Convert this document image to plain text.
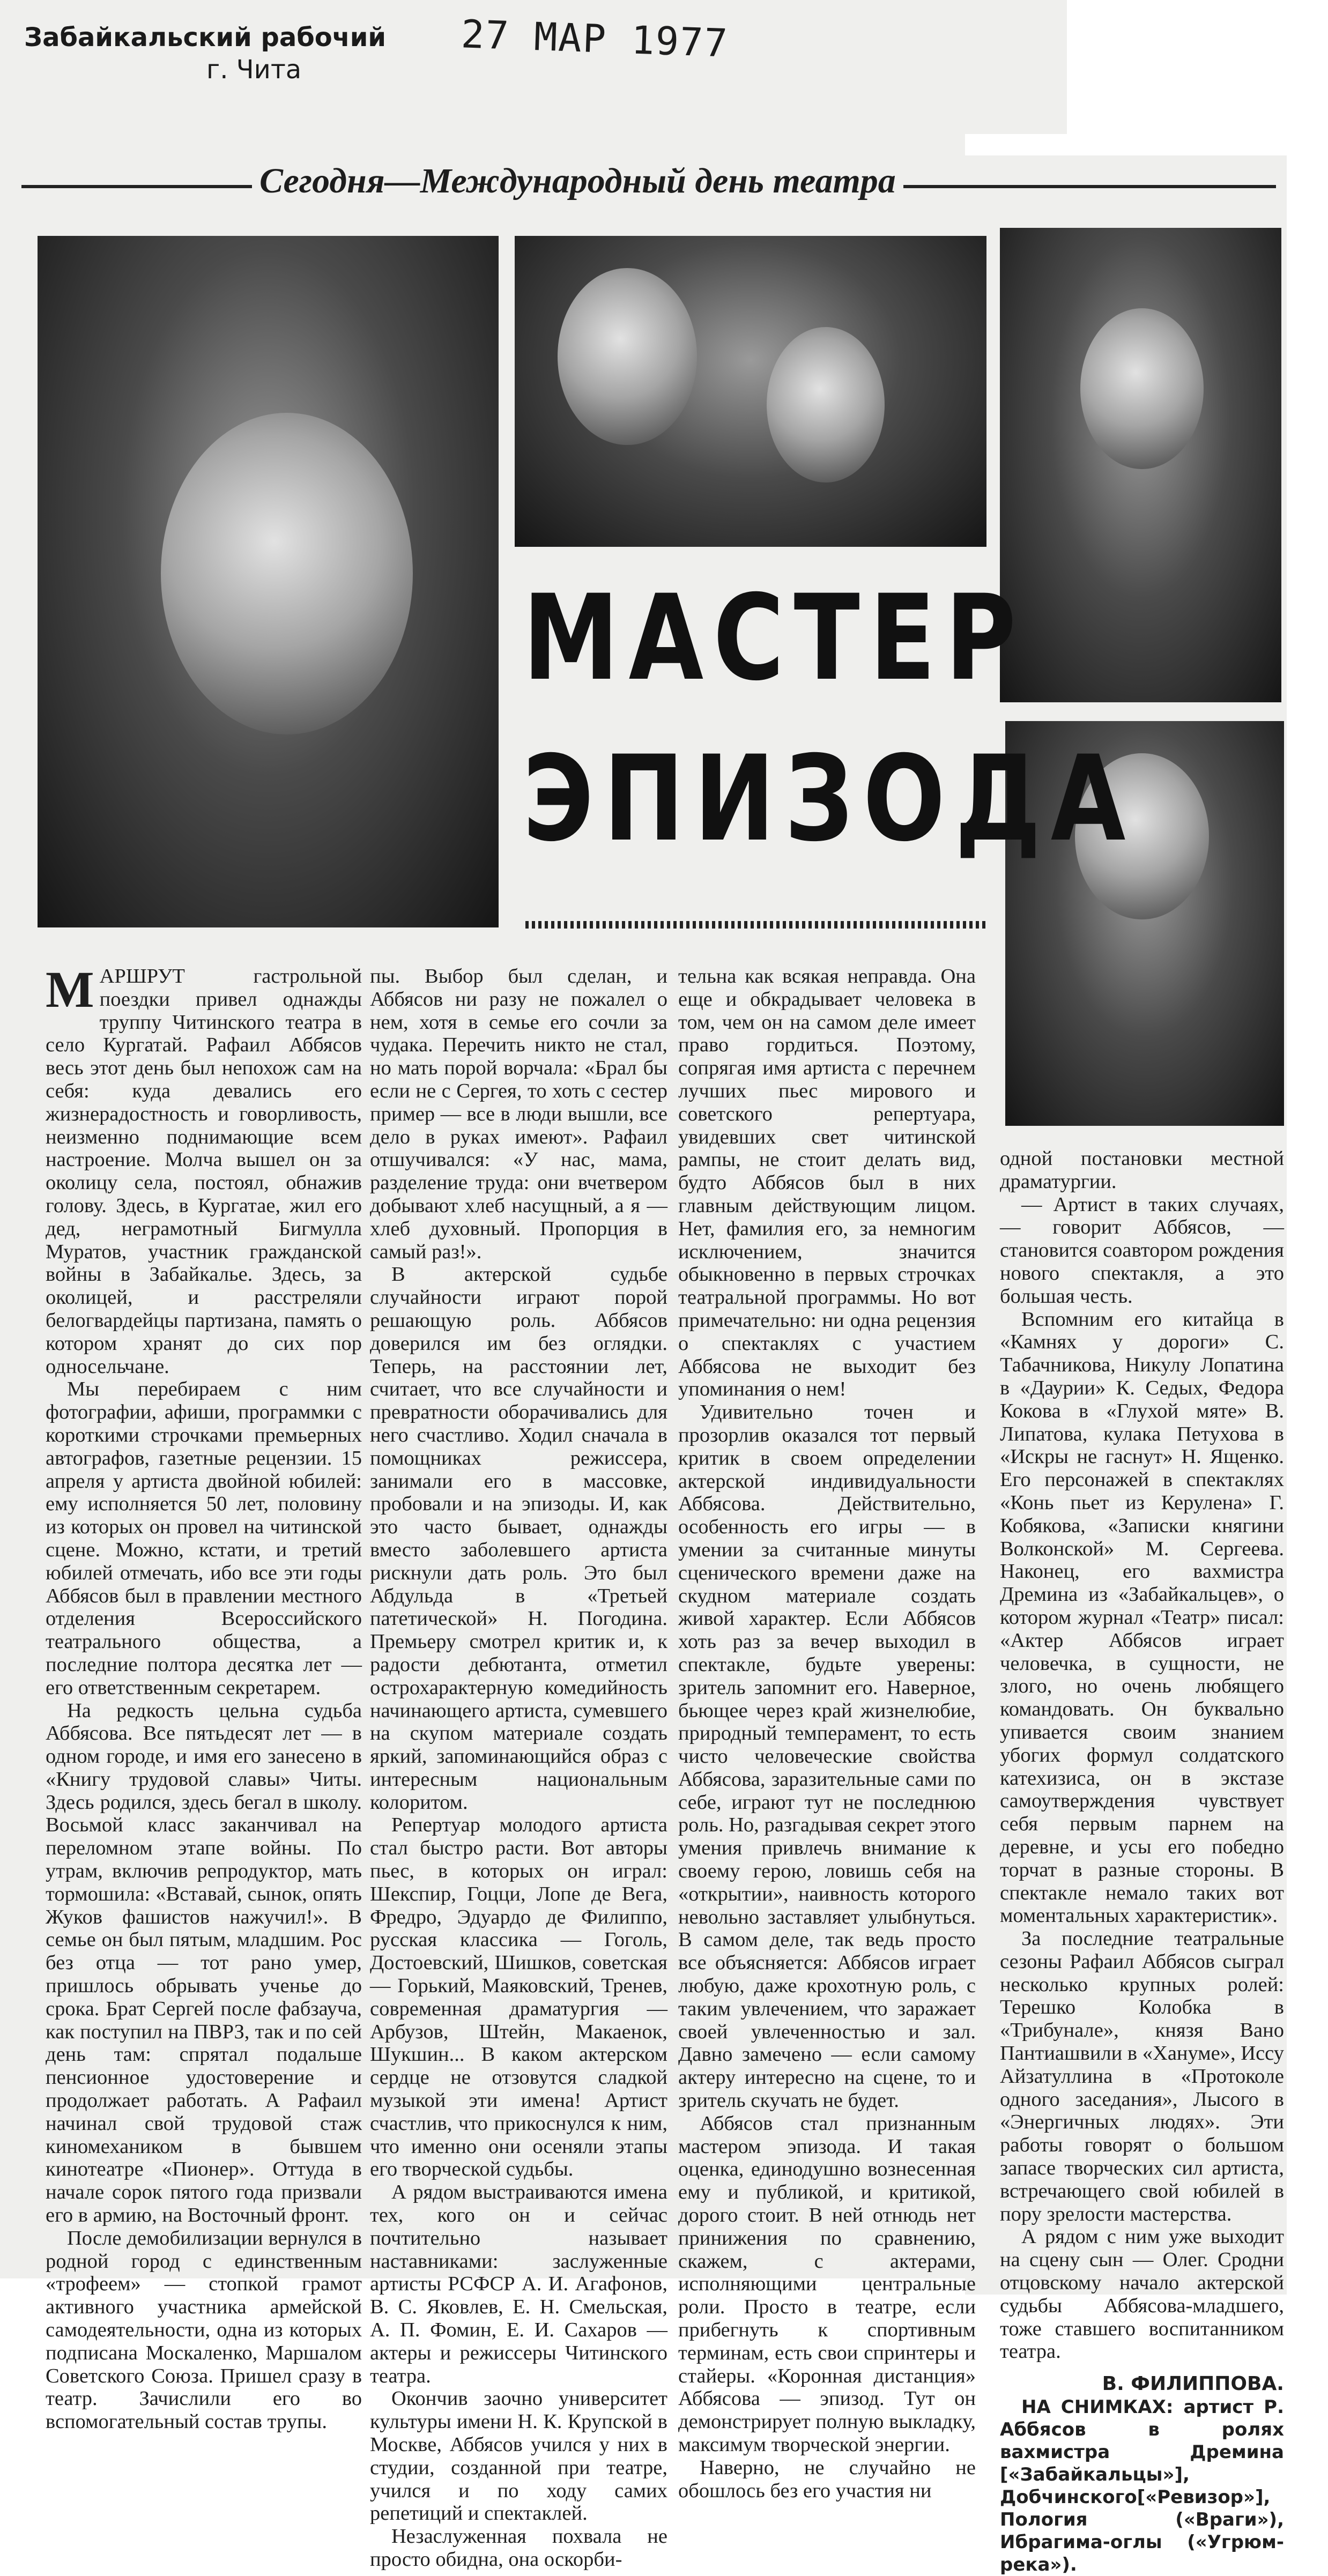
Забайкальский рабочий
г. Чита
27 МАР 1977
Сегодня—Международный день театра
МАСТЕР
ЭПИЗОДА

МАРШРУТ гастрольной поездки привел однажды труппу Читинского театра в село Кургатай. Рафаил Аббясов весь этот день был непохож сам на себя: куда девались его жизнерадостность и говорливость, неизменно поднимающие всем настроение. Молча вышел он за околицу села, постоял, обнажив голову. Здесь, в Кургатае, жил его дед, неграмотный Бигмулла Муратов, участник гражданской войны в Забайкалье. Здесь, за околицей, и расстреляли белогвардейцы партизана, память о котором хранят до сих пор односельчане.

Мы перебираем с ним фотографии, афиши, программки с короткими строчками премьерных автографов, газетные рецензии. 15 апреля у артиста двойной юбилей: ему исполняется 50 лет, половину из которых он провел на читинской сцене. Можно, кстати, и третий юбилей отмечать, ибо все эти годы Аббясов был в правлении местного отделения Всероссийского театрального общества, а последние полтора десятка лет — его ответственным секретарем.

На редкость цельна судьба Аббясова. Все пятьдесят лет — в одном городе, и имя его занесено в «Книгу трудовой славы» Читы. Здесь родился, здесь бегал в школу. Восьмой класс заканчивал на переломном этапе войны. По утрам, включив репродуктор, мать тормошила: «Вставай, сынок, опять Жуков фашистов нажучил!». В семье он был пятым, младшим. Рос без отца — тот рано умер, пришлось обрывать ученье до срока. Брат Сергей после фабзауча, как поступил на ПВРЗ, так и по сей день там: спрятал подальше пенсионное удостоверение и продолжает работать. А Рафаил начинал свой трудовой стаж киномехаником в бывшем кинотеатре «Пионер». Оттуда в начале сорок пятого года призвали его в армию, на Восточный фронт.

После демобилизации вернулся в родной город с единственным «трофеем» — стопкой грамот активного участника армейской самодеятельности, одна из которых подписана Москаленко, Маршалом Советского Союза. Пришел сразу в театр. Зачислили его во вспомогательный состав трупы.

пы. Выбор был сделан, и Аббясов ни разу не пожалел о нем, хотя в семье его сочли за чудака. Перечить никто не стал, но мать порой ворчала: «Брал бы если не с Сергея, то хоть с сестер пример — все в люди вышли, все дело в руках имеют». Рафаил отшучивался: «У нас, мама, разделение труда: они вчетвером добывают хлеб насущный, а я — хлеб духовный. Пропорция в самый раз!».

В актерской судьбе случайности играют порой решающую роль. Аббясов доверился им без оглядки. Теперь, на расстоянии лет, считает, что все случайности и превратности оборачивались для него счастливо. Ходил сначала в помощниках режиссера, занимали его в массовке, пробовали и на эпизоды. И, как это часто бывает, однажды вместо заболевшего артиста рискнули дать роль. Это был Абдульда в «Третьей патетической» Н. Погодина. Премьеру смотрел критик и, к радости дебютанта, отметил острохарактерную комедийность начинающего артиста, сумевшего на скупом материале создать яркий, запоминающийся образ с интересным национальным колоритом.

Репертуар молодого артиста стал быстро расти. Вот авторы пьес, в которых он играл: Шекспир, Гоцци, Лопе де Вега, Фредро, Эдуардо де Филиппо, русская классика — Гоголь, Достоевский, Шишков, советская — Горький, Маяковский, Тренев, современная драматургия — Арбузов, Штейн, Макаенок, Шукшин... В каком актерском сердце не отзовутся сладкой музыкой эти имена! Артист счастлив, что прикоснулся к ним, что именно они осеняли этапы его творческой судьбы.

А рядом выстраиваются имена тех, кого он и сейчас почтительно называет наставниками: заслуженные артисты РСФСР А. И. Агафонов, В. С. Яковлев, Е. Н. Смельская, А. П. Фомин, Е. И. Сахаров — актеры и режиссеры Читинского театра.

Окончив заочно университет культуры имени Н. К. Крупской в Москве, Аббясов учился у них в студии, созданной при театре, учился и по ходу самих репетиций и спектаклей.

Незаслуженная похвала не просто обидна, она оскорби-

тельна как всякая неправда. Она еще и обкрадывает человека в том, чем он на самом деле имеет право гордиться. Поэтому, сопрягая имя артиста с перечнем лучших пьес мирового и советского репертуара, увидевших свет читинской рампы, не стоит делать вид, будто Аббясов был в них главным действующим лицом. Нет, фамилия его, за немногим исключением, значится обыкновенно в первых строчках театральной программы. Но вот примечательно: ни одна рецензия о спектаклях с участием Аббясова не выходит без упоминания о нем!

Удивительно точен и прозорлив оказался тот первый критик в своем определении актерской индивидуальности Аббясова. Действительно, особенность его игры — в умении за считанные минуты сценического времени даже на скудном материале создать живой характер. Если Аббясов хоть раз за вечер выходил в спектакле, будьте уверены: зритель запомнит его. Наверное, бьющее через край жизнелюбие, природный темперамент, то есть чисто человеческие свойства Аббясова, заразительные сами по себе, играют тут не последнюю роль. Но, разгадывая секрет этого умения привлечь внимание к своему герою, ловишь себя на «открытии», наивность которого невольно заставляет улыбнуться. В самом деле, так ведь просто все объясняется: Аббясов играет любую, даже крохотную роль, с таким увлечением, что заражает своей увлеченностью и зал. Давно замечено — если самому актеру интересно на сцене, то и зритель скучать не будет.

Аббясов стал признанным мастером эпизода. И такая оценка, единодушно вознесенная ему и публикой, и критикой, дорого стоит. В ней отнюдь нет принижения по сравнению, скажем, с актерами, исполняющими центральные роли. Просто в театре, если прибегнуть к спортивным терминам, есть свои спринтеры и стайеры. «Коронная дистанция» Аббясова — эпизод. Тут он демонстрирует полную выкладку, максимум творческой энергии.

Наверно, не случайно не обошлось без его участия ни

одной постановки местной драматургии.

— Артист в таких случаях, — говорит Аббясов, — становится соавтором рождения нового спектакля, а это большая честь.

Вспомним его китайца в «Камнях у дороги» С. Табачникова, Никулу Лопатина в «Даурии» К. Седых, Федора Кокова в «Глухой мяте» В. Липатова, кулака Петухова в «Искры не гаснут» Н. Ященко. Его персонажей в спектаклях «Конь пьет из Керулена» Г. Кобякова, «Записки княгини Волконской» М. Сергеева. Наконец, его вахмистра Дремина из «Забайкальцев», о котором журнал «Театр» писал: «Актер Аббясов играет человечка, в сущности, не злого, но очень любящего командовать. Он буквально упивается своим знанием убогих формул солдатского катехизиса, он в экстазе самоутверждения чувствует себя первым парнем на деревне, и усы его победно торчат в разные стороны. В спектакле немало таких вот моментальных характеристик».

За последние театральные сезоны Рафаил Аббясов сыграл несколько крупных ролей: Терешко Колобка в «Трибунале», князя Вано Пантиашвили в «Хануме», Иссу Айзатуллина в «Протоколе одного заседания», Лысого в «Энергичных людях». Эти работы говорят о большом запасе творческих сил артиста, встречающего свой юбилей в пору зрелости мастерства.

А рядом с ним уже выходит на сцену сын — Олег. Сродни отцовскому начало актерской судьбы Аббясова-младшего, тоже ставшего воспитанником театра.

В. ФИЛИППОВА.

НА СНИМКАХ: артист Р. Аббясов в ролях вахмистра Дремина [«Забайкальцы»], Добчинского[«Ревизор»], Пология («Враги»), Ибрагима-оглы («Угрюм-река»).
